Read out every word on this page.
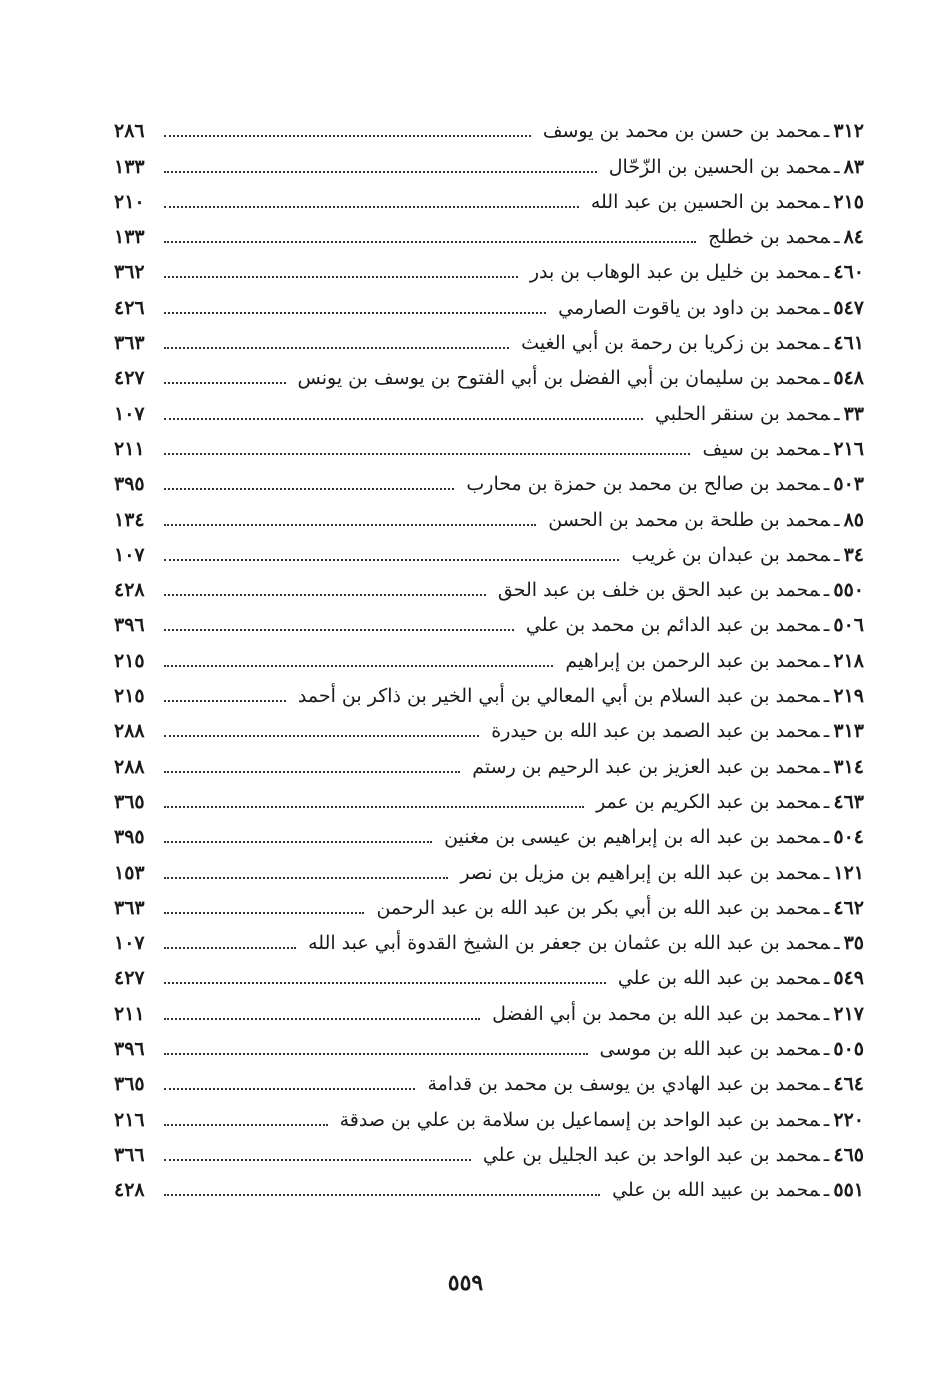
٣١٢ـمحمد بن حسن بن محمد بن يوسف
٢٨٦
٨٣ـمحمد بن الحسين بن الزّحّال
١٣٣
٢١٥ـمحمد بن الحسين بن عبد الله
٢١٠
٨٤ـمحمد بن خطلج
١٣٣
٤٦٠ـمحمد بن خليل بن عبد الوهاب بن بدر
٣٦٢
٥٤٧ـمحمد بن داود بن ياقوت الصارمي
٤٢٦
٤٦١ـمحمد بن زكريا بن رحمة بن أبي الغيث
٣٦٣
٥٤٨ـمحمد بن سليمان بن أبي الفضل بن أبي الفتوح بن يوسف بن يونس
٤٢٧
٣٣ـمحمد بن سنقر الحلبي
١٠٧
٢١٦ـمحمد بن سيف
٢١١
٥٠٣ـمحمد بن صالح بن محمد بن حمزة بن محارب
٣٩٥
٨٥ـمحمد بن طلحة بن محمد بن الحسن
١٣٤
٣٤ـمحمد بن عبدان بن غريب
١٠٧
٥٥٠ـمحمد بن عبد الحق بن خلف بن عبد الحق
٤٢٨
٥٠٦ـمحمد بن عبد الدائم بن محمد بن علي
٣٩٦
٢١٨ـمحمد بن عبد الرحمن بن إبراهيم
٢١٥
٢١٩ـمحمد بن عبد السلام بن أبي المعالي بن أبي الخير بن ذاكر بن أحمد
٢١٥
٣١٣ـمحمد بن عبد الصمد بن عبد الله بن حيدرة
٢٨٨
٣١٤ـمحمد بن عبد العزيز بن عبد الرحيم بن رستم
٢٨٨
٤٦٣ـمحمد بن عبد الكريم بن عمر
٣٦٥
٥٠٤ـمحمد بن عبد اله بن إبراهيم بن عيسى بن مغنين
٣٩٥
١٢١ـمحمد بن عبد الله بن إبراهيم بن مزيل بن نصر
١٥٣
٤٦٢ـمحمد بن عبد الله بن أبي بكر بن عبد الله بن عبد الرحمن
٣٦٣
٣٥ـمحمد بن عبد الله بن عثمان بن جعفر بن الشيخ القدوة أبي عبد الله
١٠٧
٥٤٩ـمحمد بن عبد الله بن علي
٤٢٧
٢١٧ـمحمد بن عبد الله بن محمد بن أبي الفضل
٢١١
٥٠٥ـمحمد بن عبد الله بن موسى
٣٩٦
٤٦٤ـمحمد بن عبد الهادي بن يوسف بن محمد بن قدامة
٣٦٥
٢٢٠ـمحمد بن عبد الواحد بن إسماعيل بن سلامة بن علي بن صدقة
٢١٦
٤٦٥ـمحمد بن عبد الواحد بن عبد الجليل بن علي
٣٦٦
٥٥١ـمحمد بن عبيد الله بن علي
٤٢٨
٥٥٩
